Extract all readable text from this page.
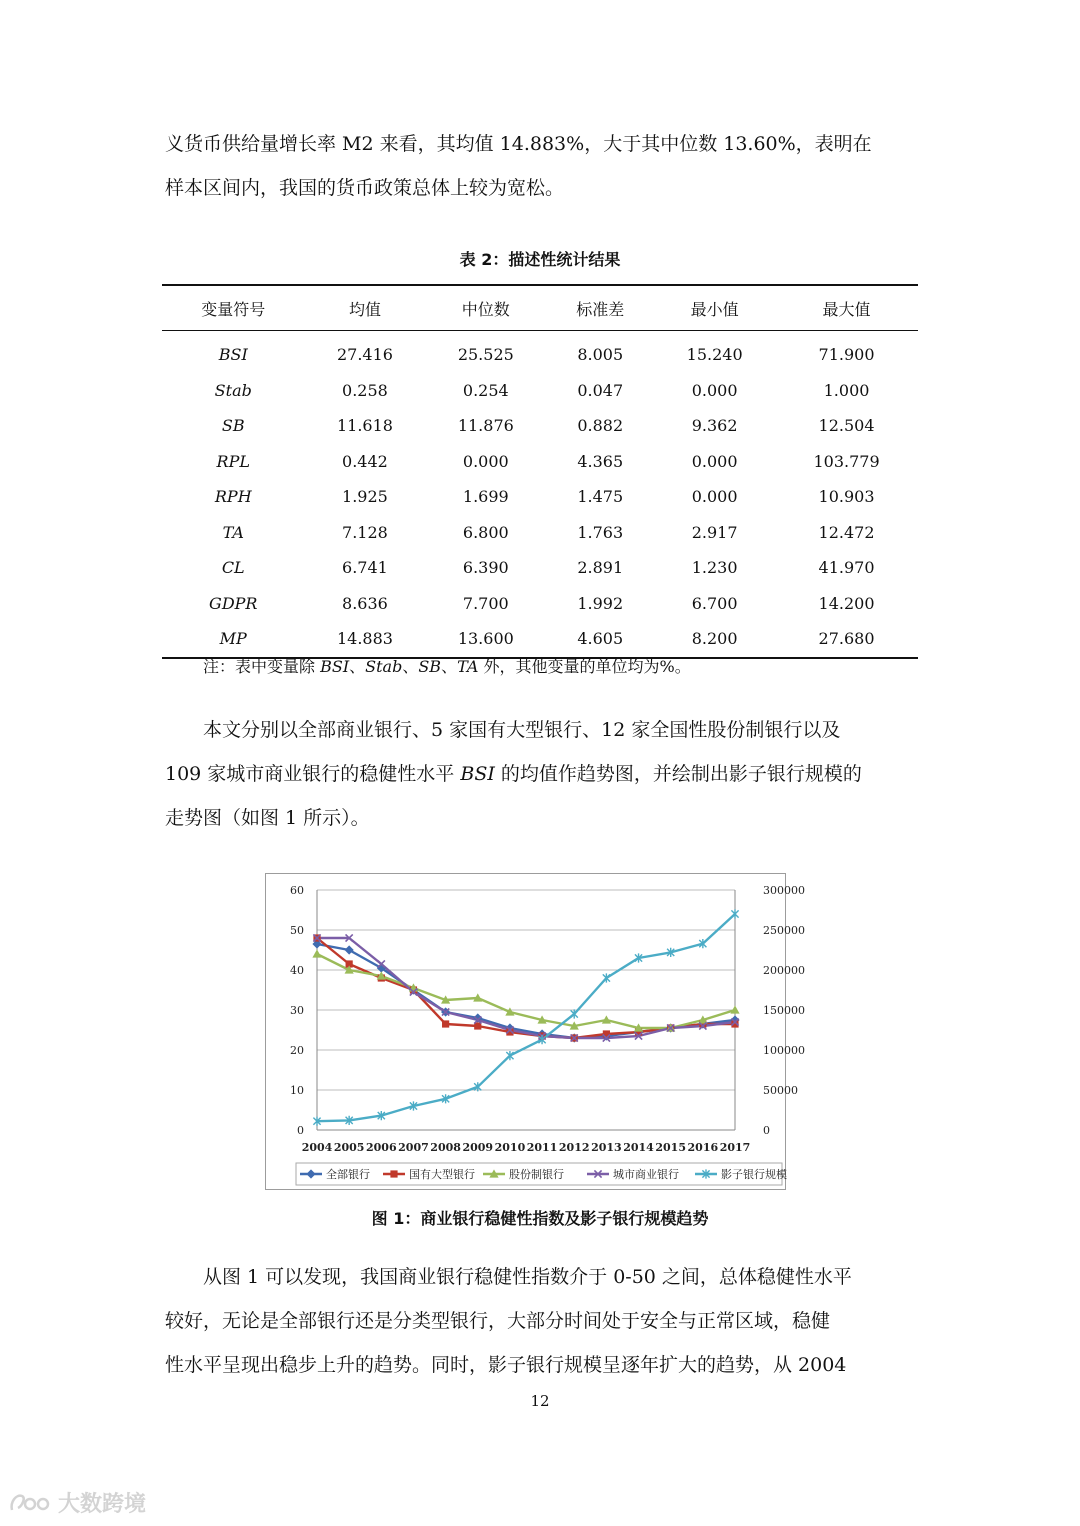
义货币供给量增长率 M2 来看，其均值 14.883%，大于其中位数 13.60%，表明在
样本区间内，我国的货币政策总体上较为宽松。

表 2：描述性统计结果
变量符号	均值	中位数	标准差	最小值	最大值
BSI	27.416	25.525	8.005	15.240	71.900
Stab	0.258	0.254	0.047	0.000	1.000
SB	11.618	11.876	0.882	9.362	12.504
RPL	0.442	0.000	4.365	0.000	103.779
RPH	1.925	1.699	1.475	0.000	10.903
TA	7.128	6.800	1.763	2.917	12.472
CL	6.741	6.390	2.891	1.230	41.970
GDPR	8.636	7.700	1.992	6.700	14.200
MP	14.883	13.600	4.605	8.200	27.680
注：表中变量除 BSI、Stab、SB、TA 外，其他变量的单位均为%。

本文分别以全部商业银行、5 家国有大型银行、12 家全国性股份制银行以及
109 家城市商业银行的稳健性水平 BSI 的均值作趋势图，并绘制出影子银行规模的
走势图（如图 1 所示）。

0
10
20
30
40
50
60
0
50000
100000
150000
200000
250000
300000
2004 2005 2006 2007 2008 2009 2010 2011 2012 2013 2014 2015 2016 2017
全部银行	国有大型银行	股份制银行	城市商业银行	影子银行规模
图 1：商业银行稳健性指数及影子银行规模趋势

从图 1 可以发现，我国商业银行稳健性指数介于 0-50 之间，总体稳健性水平
较好，无论是全部银行还是分类型银行，大部分时间处于安全与正常区域，稳健
性水平呈现出稳步上升的趋势。同时，影子银行规模呈逐年扩大的趋势，从 2004

12
大数跨境
